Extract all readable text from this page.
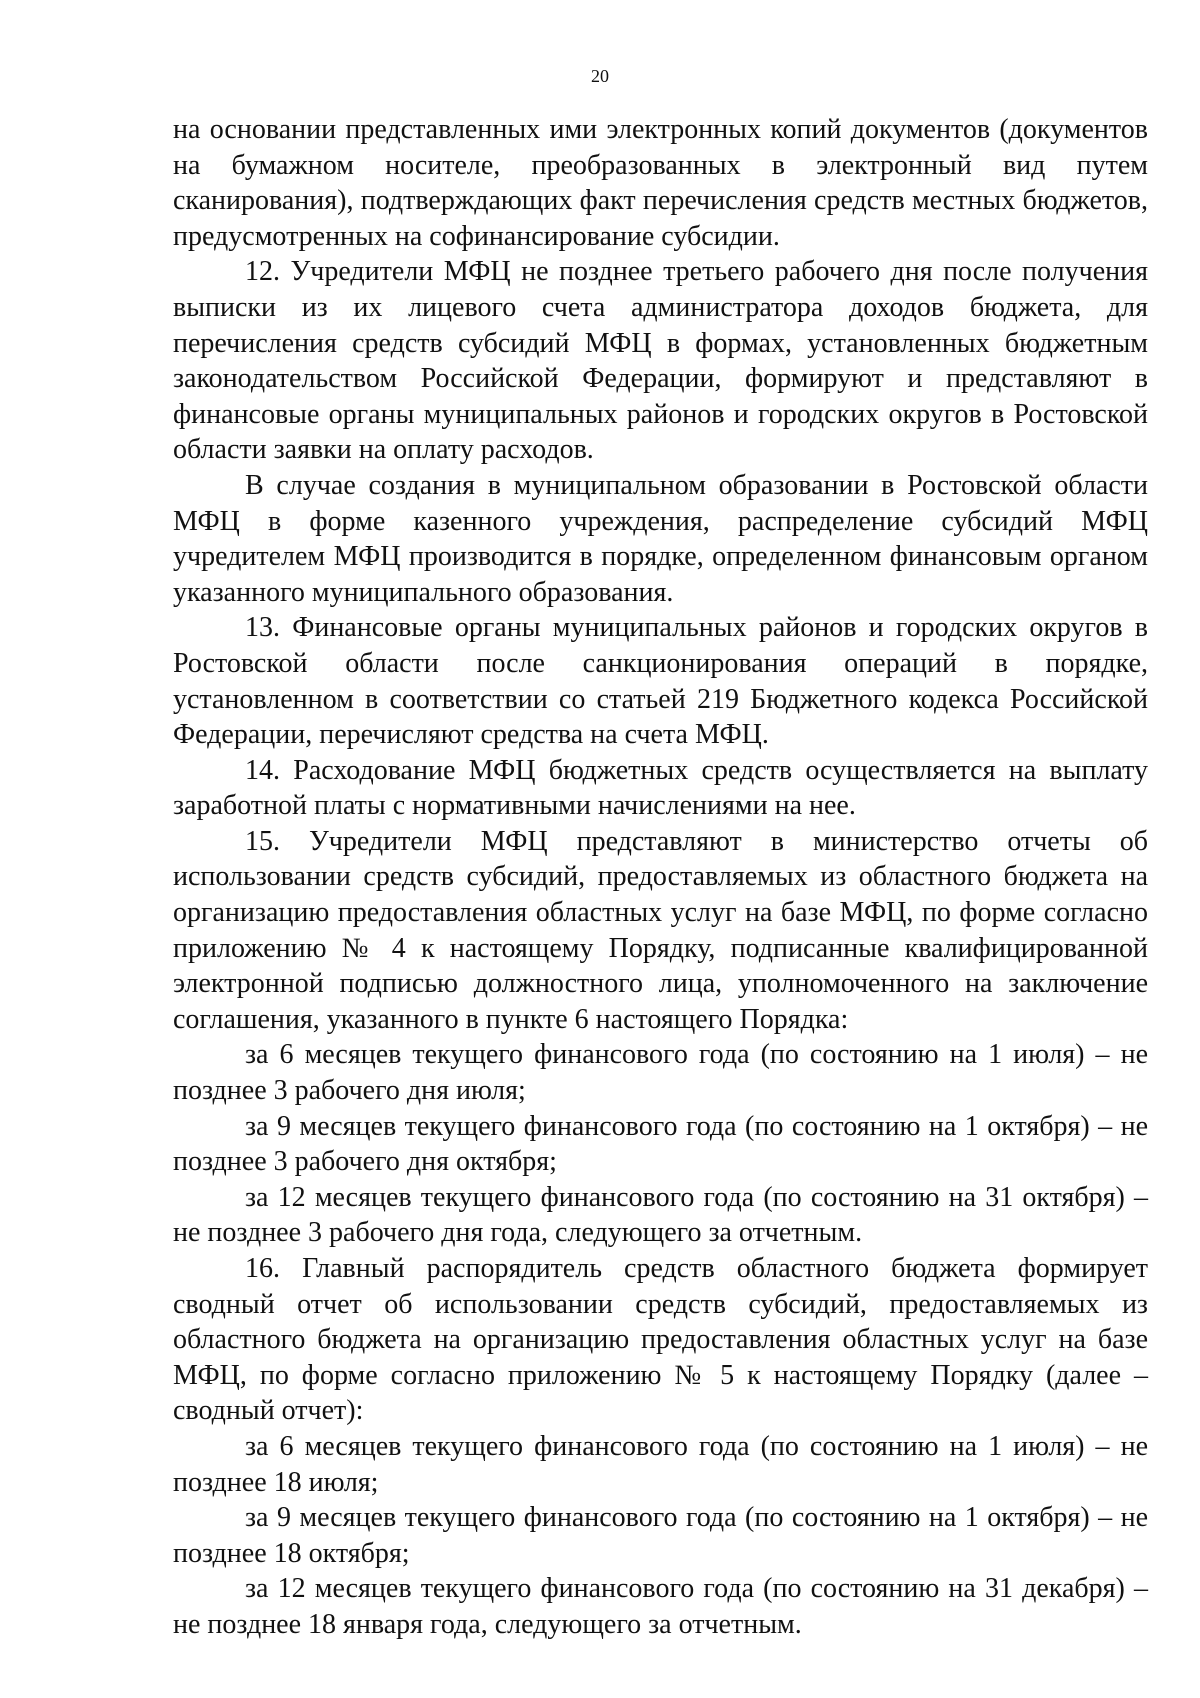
20

на основании представленных ими электронных копий документов (документов на бумажном носителе, преобразованных в электронный вид путем сканирования), подтверждающих факт перечисления средств местных бюджетов, предусмотренных на софинансирование субсидии.

12. Учредители МФЦ не позднее третьего рабочего дня после получения выписки из их лицевого счета администратора доходов бюджета, для перечисления средств субсидий МФЦ в формах, установленных бюджетным законодательством Российской Федерации, формируют и представляют в финансовые органы муниципальных районов и городских округов в Ростовской области заявки на оплату расходов.

В случае создания в муниципальном образовании в Ростовской области МФЦ в форме казенного учреждения, распределение субсидий МФЦ учредителем МФЦ производится в порядке, определенном финансовым органом указанного муниципального образования.

13. Финансовые органы муниципальных районов и городских округов в Ростовской области после санкционирования операций в порядке, установленном в соответствии со статьей 219 Бюджетного кодекса Российской Федерации, перечисляют средства на счета МФЦ.

14. Расходование МФЦ бюджетных средств осуществляется на выплату заработной платы с нормативными начислениями на нее.

15. Учредители МФЦ представляют в министерство отчеты об использовании средств субсидий, предоставляемых из областного бюджета на организацию предоставления областных услуг на базе МФЦ, по форме согласно приложению № 4 к настоящему Порядку, подписанные квалифицированной электронной подписью должностного лица, уполномоченного на заключение соглашения, указанного в пункте 6 настоящего Порядка:

за 6 месяцев текущего финансового года (по состоянию на 1 июля) – не позднее 3 рабочего дня июля;

за 9 месяцев текущего финансового года (по состоянию на 1 октября) – не позднее 3 рабочего дня октября;

за 12 месяцев текущего финансового года (по состоянию на 31 октября) – не позднее 3 рабочего дня года, следующего за отчетным.

16. Главный распорядитель средств областного бюджета формирует сводный отчет об использовании средств субсидий, предоставляемых из областного бюджета на организацию предоставления областных услуг на базе МФЦ, по форме согласно приложению № 5 к настоящему Порядку (далее – сводный отчет):

за 6 месяцев текущего финансового года (по состоянию на 1 июля) – не позднее 18 июля;

за 9 месяцев текущего финансового года (по состоянию на 1 октября) – не позднее 18 октября;

за 12 месяцев текущего финансового года (по состоянию на 31 декабря) – не позднее 18 января года, следующего за отчетным.
